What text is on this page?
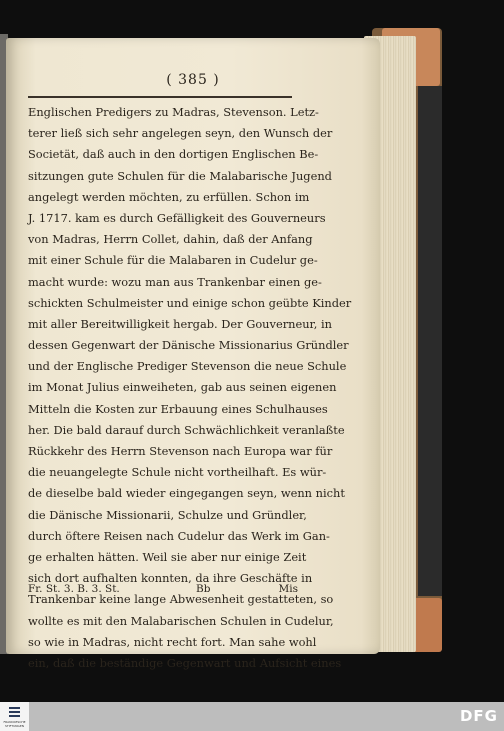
( 385 )
Englischen Predigers zu Madras, Stevenson. Letz-
terer ließ sich sehr angelegen seyn, den Wunsch der
Societät, daß auch in den dortigen Englischen Be-
sitzungen gute Schulen für die Malabarische Jugend
angelegt werden möchten, zu erfüllen. Schon im
J. 1717. kam es durch Gefälligkeit des Gouverneurs
von Madras, Herrn Collet, dahin, daß der Anfang
mit einer Schule für die Malabaren in Cudelur ge-
macht wurde: wozu man aus Trankenbar einen ge-
schickten Schulmeister und einige schon geübte Kinder
mit aller Bereitwilligkeit hergab. Der Gouverneur, in
dessen Gegenwart der Dänische Missionarius Gründler
und der Englische Prediger Stevenson die neue Schule
im Monat Julius einweiheten, gab aus seinen eigenen
Mitteln die Kosten zur Erbauung eines Schulhauses
her. Die bald darauf durch Schwächlichkeit veranlaßte
Rückkehr des Herrn Stevenson nach Europa war für
die neuangelegte Schule nicht vortheilhaft. Es wür-
de dieselbe bald wieder eingegangen seyn, wenn nicht
die Dänische Missionarii, Schulze und Gründler,
durch öftere Reisen nach Cudelur das Werk im Gan-
ge erhalten hätten. Weil sie aber nur einige Zeit
sich dort aufhalten konnten, da ihre Geschäfte in
Trankenbar keine lange Abwesenheit gestatteten, so
wollte es mit den Malabarischen Schulen in Cudelur,
so wie in Madras, nicht recht fort. Man sahe wohl
ein, daß die beständige Gegenwart und Aufsicht eines
Fr. St. 3. B. 3. St.	Bb	Mis
FRANCKESCHE STIFTUNGEN
DFG
